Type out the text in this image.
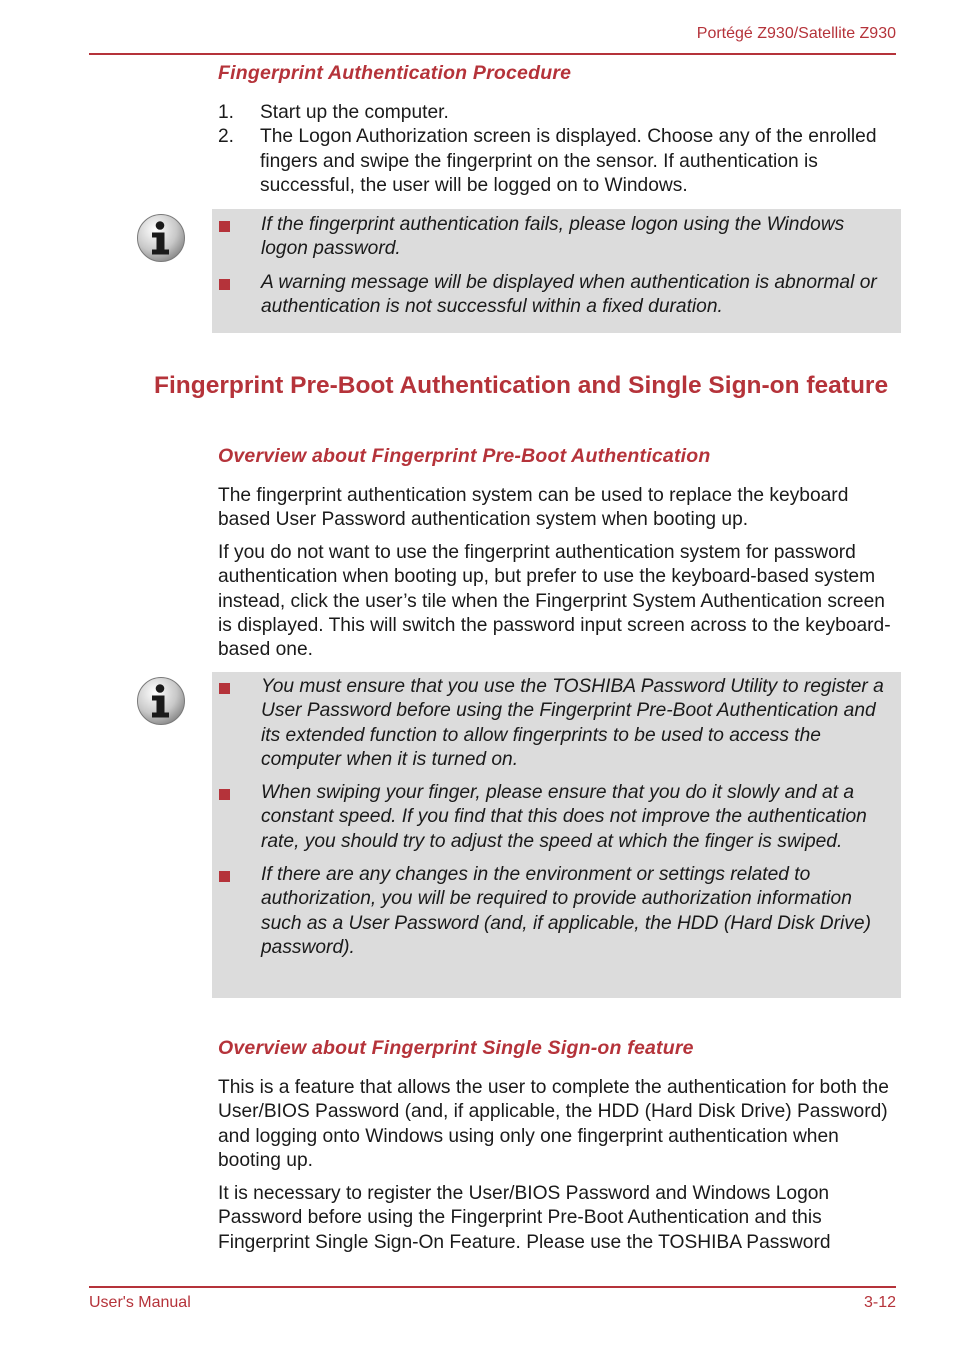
Portégé Z930/Satellite Z930
Fingerprint Authentication Procedure
1. Start up the computer.
2. The Logon Authorization screen is displayed. Choose any of the enrolled fingers and swipe the fingerprint on the sensor. If authentication is successful, the user will be logged on to Windows.
If the fingerprint authentication fails, please logon using the Windows logon password.
A warning message will be displayed when authentication is abnormal or authentication is not successful within a fixed duration.
Fingerprint Pre-Boot Authentication and Single Sign-on feature
Overview about Fingerprint Pre-Boot Authentication

The fingerprint authentication system can be used to replace the keyboard based User Password authentication system when booting up.

If you do not want to use the fingerprint authentication system for password authentication when booting up, but prefer to use the keyboard-based system instead, click the user’s tile when the Fingerprint System Authentication screen is displayed. This will switch the password input screen across to the keyboard-based one.

You must ensure that you use the TOSHIBA Password Utility to register a User Password before using the Fingerprint Pre-Boot Authentication and its extended function to allow fingerprints to be used to access the computer when it is turned on.
When swiping your finger, please ensure that you do it slowly and at a constant speed. If you find that this does not improve the authentication rate, you should try to adjust the speed at which the finger is swiped.
If there are any changes in the environment or settings related to authorization, you will be required to provide authorization information such as a User Password (and, if applicable, the HDD (Hard Disk Drive) password).
Overview about Fingerprint Single Sign-on feature

This is a feature that allows the user to complete the authentication for both the User/BIOS Password (and, if applicable, the HDD (Hard Disk Drive) Password) and logging onto Windows using only one fingerprint authentication when booting up.

It is necessary to register the User/BIOS Password and Windows Logon Password before using the Fingerprint Pre-Boot Authentication and this Fingerprint Single Sign-On Feature. Please use the TOSHIBA Password

User's Manual	3-12
